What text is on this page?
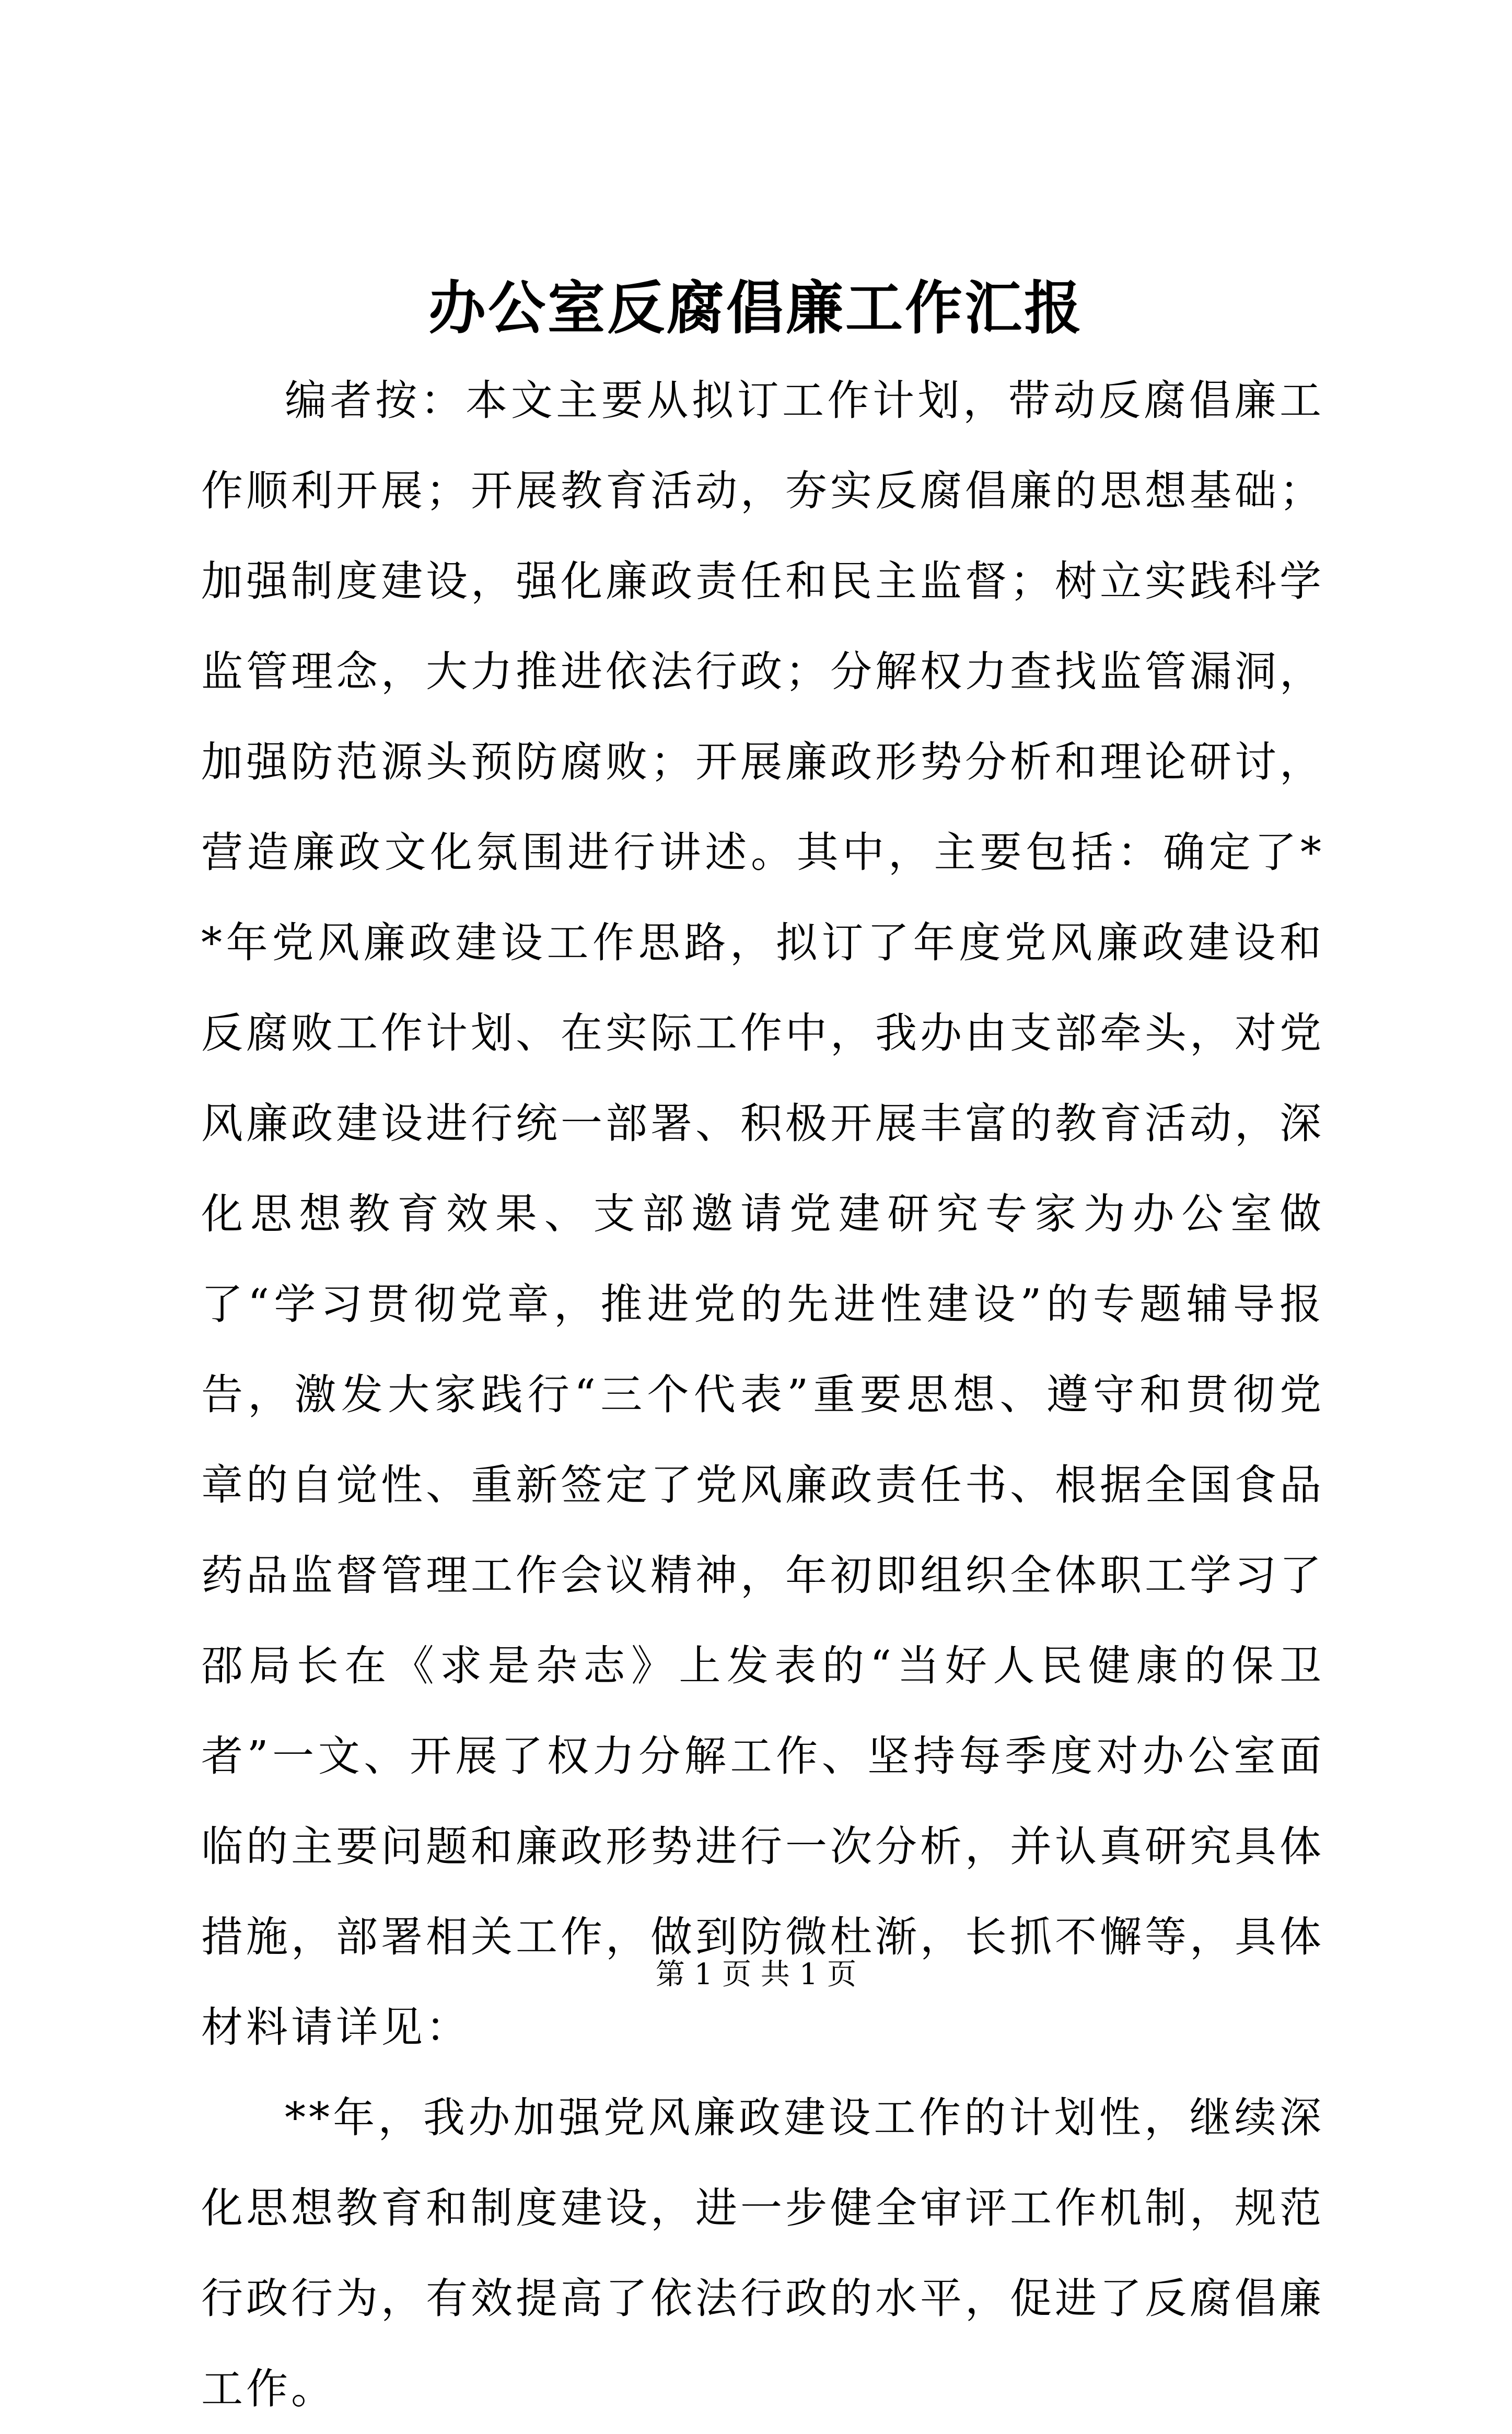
办公室反腐倡廉工作汇报

编者按：本文主要从拟订工作计划，带动反腐倡廉工作顺利开展；开展教育活动，夯实反腐倡廉的思想基础；加强制度建设，强化廉政责任和民主监督；树立实践科学监管理念，大力推进依法行政；分解权力查找监管漏洞，加强防范源头预防腐败；开展廉政形势分析和理论研讨，营造廉政文化氛围进行讲述。其中，主要包括：确定了**年党风廉政建设工作思路，拟订了年度党风廉政建设和反腐败工作计划、在实际工作中，我办由支部牵头，对党风廉政建设进行统一部署、积极开展丰富的教育活动，深化思想教育效果、支部邀请党建研究专家为办公室做了“学习贯彻党章，推进党的先进性建设”的专题辅导报告，激发大家践行“三个代表”重要思想、遵守和贯彻党章的自觉性、重新签定了党风廉政责任书、根据全国食品药品监督管理工作会议精神，年初即组织全体职工学习了邵局长在《求是杂志》上发表的“当好人民健康的保卫者”一文、开展了权力分解工作、坚持每季度对办公室面临的主要问题和廉政形势进行一次分析，并认真研究具体措施，部署相关工作，做到防微杜渐，长抓不懈等，具体材料请详见：

**年，我办加强党风廉政建设工作的计划性，继续深化思想教育和制度建设，进一步健全审评工作机制，规范行政行为，有效提高了依法行政的水平，促进了反腐倡廉工作。

第 1 页 共 1 页
